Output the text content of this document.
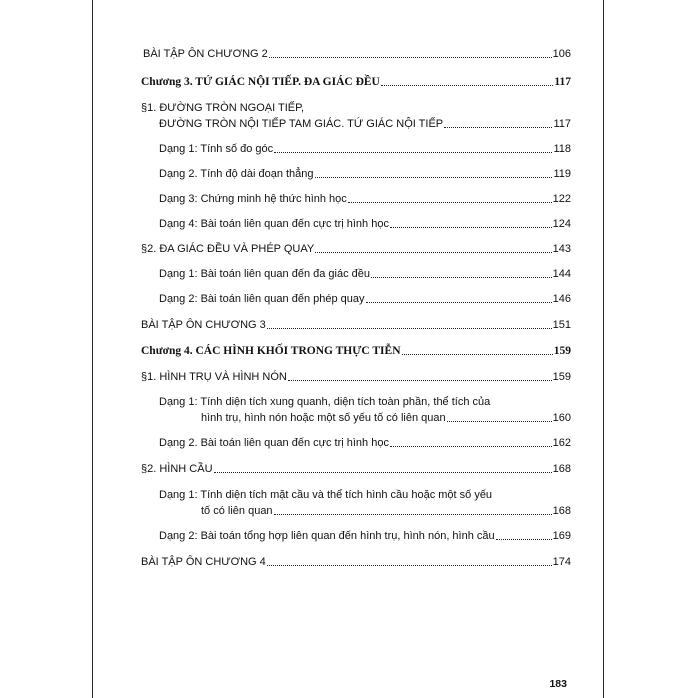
BÀI TẬP ÔN CHƯƠNG 2	106
Chương 3. TỨ GIÁC NỘI TIẾP. ĐA GIÁC ĐỀU	117
§1. ĐƯỜNG TRÒN NGOẠI TIẾP,
ĐƯỜNG TRÒN NỘI TIẾP TAM GIÁC. TỨ GIÁC NỘI TIẾP	117
Dạng 1: Tính số đo góc	118
Dạng 2. Tính độ dài đoạn thẳng	119
Dạng 3: Chứng minh hệ thức hình học	122
Dạng 4: Bài toán liên quan đến cực trị hình học	124
§2. ĐA GIÁC ĐỀU VÀ PHÉP QUAY	143
Dạng 1: Bài toán liên quan đến đa giác đều	144
Dạng 2: Bài toán liên quan đến phép quay	146
BÀI TẬP ÔN CHƯƠNG 3	151
Chương 4. CÁC HÌNH KHỐI TRONG THỰC TIỄN	159
§1. HÌNH TRỤ VÀ HÌNH NÓN	159
Dạng 1: Tính diện tích xung quanh, diện tích toàn phần, thể tích của
hình trụ, hình nón hoặc một số yếu tố có liên quan	160
Dạng 2. Bài toán liên quan đến cực trị hình học	162
§2. HÌNH CẦU	168
Dạng 1: Tính diện tích mặt cầu và thể tích hình cầu hoặc một số yếu
tố có liên quan	168
Dạng 2: Bài toán tổng hợp liên quan đến hình trụ, hình nón, hình cầu	169
BÀI TẬP ÔN CHƯƠNG 4	174
183
